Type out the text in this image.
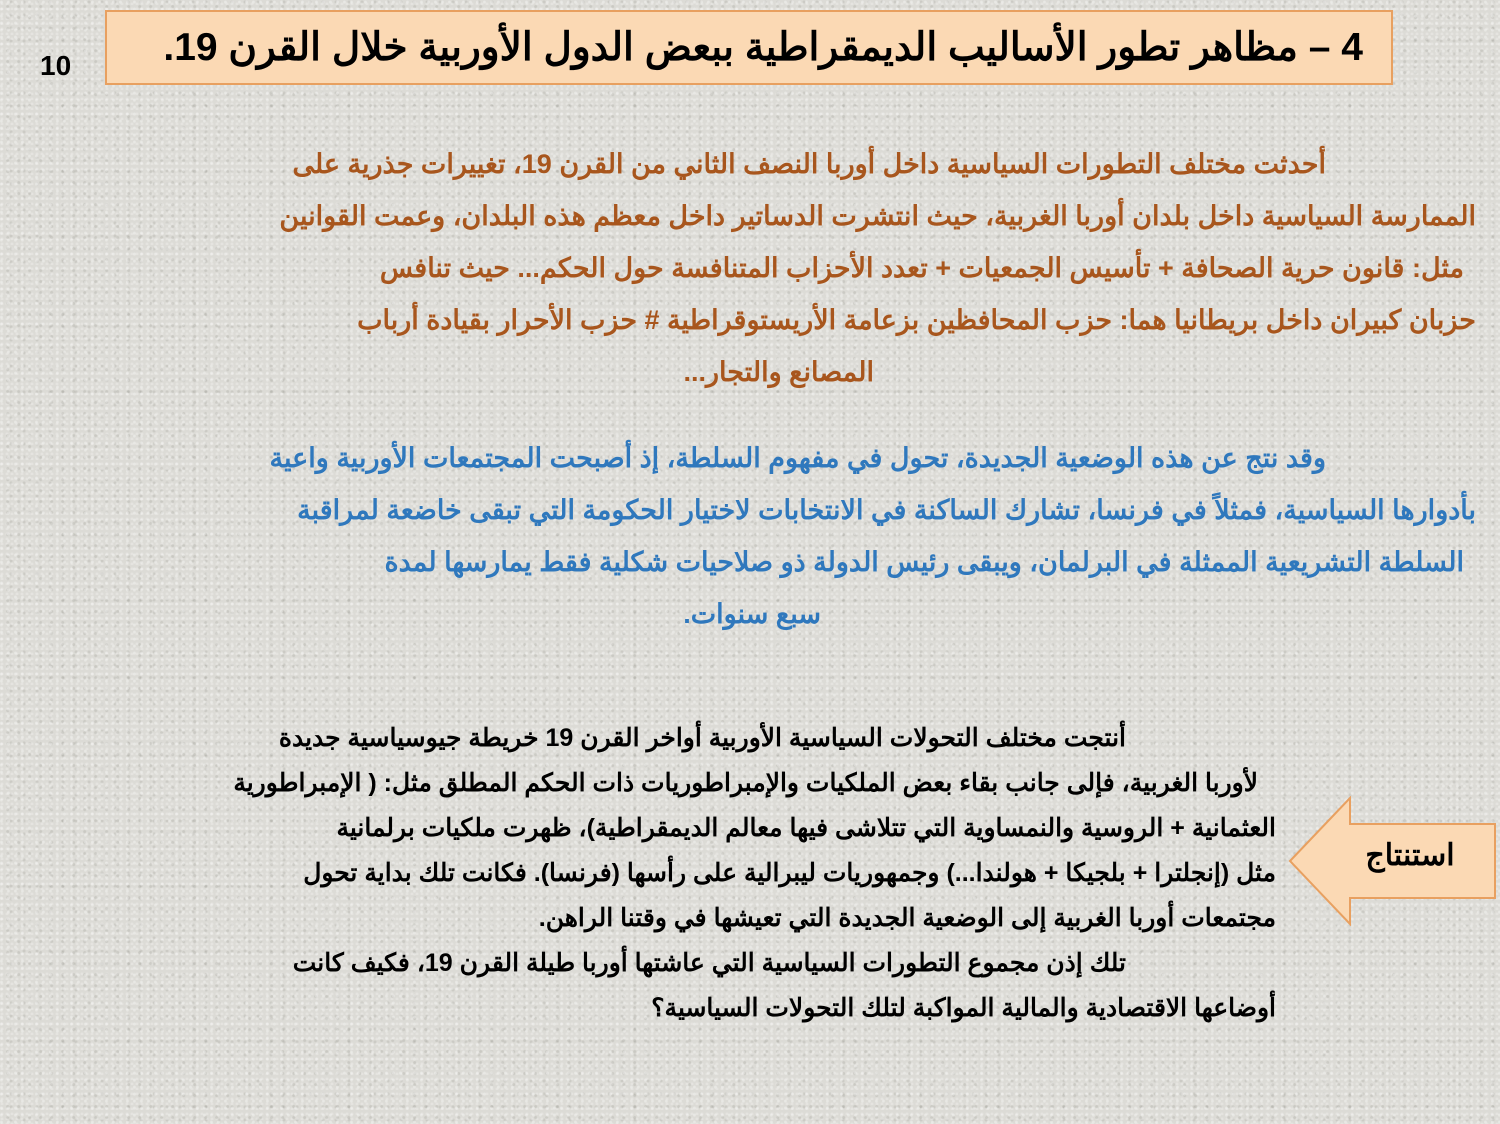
10 4 – مظاهر تطور الأساليب الديمقراطية ببعض الدول الأوربية خلال القرن 19.
أحدثت مختلف التطورات السياسية داخل أوربا النصف الثاني من القرن 19، تغييرات جذرية على
الممارسة السياسية داخل بلدان أوربا الغربية، حيث انتشرت الدساتير داخل معظم هذه البلدان، وعمت القوانين
مثل: قانون حرية الصحافة + تأسيس الجمعيات + تعدد الأحزاب المتنافسة حول الحكم... حيث تنافس
حزبان كبيران داخل بريطانيا هما: حزب المحافظين بزعامة الأريستوقراطية # حزب الأحرار بقيادة أرباب
المصانع والتجار...
وقد نتج عن هذه الوضعية الجديدة، تحول في مفهوم السلطة، إذ أصبحت المجتمعات الأوربية واعية
بأدوارها السياسية، فمثلاً في فرنسا، تشارك الساكنة في الانتخابات لاختيار الحكومة التي تبقى خاضعة لمراقبة
السلطة التشريعية الممثلة في البرلمان، ويبقى رئيس الدولة ذو صلاحيات شكلية فقط يمارسها لمدة
سبع سنوات.
أنتجت مختلف التحولات السياسية الأوربية أواخر القرن 19 خريطة جيوسياسية جديدة
لأوربا الغربية، فإلى جانب بقاء بعض الملكيات والإمبراطوريات ذات الحكم المطلق مثل: ( الإمبراطورية
العثمانية + الروسية والنمساوية التي تتلاشى فيها معالم الديمقراطية)، ظهرت ملكيات برلمانية
مثل (إنجلترا + بلجيكا + هولندا...) وجمهوريات ليبرالية على رأسها (فرنسا). فكانت تلك بداية تحول
مجتمعات أوربا الغربية إلى الوضعية الجديدة التي تعيشها في وقتنا الراهن.
تلك إذن مجموع التطورات السياسية التي عاشتها أوربا طيلة القرن 19، فكيف كانت
أوضاعها الاقتصادية والمالية المواكبة لتلك التحولات السياسية؟
استنتاج
